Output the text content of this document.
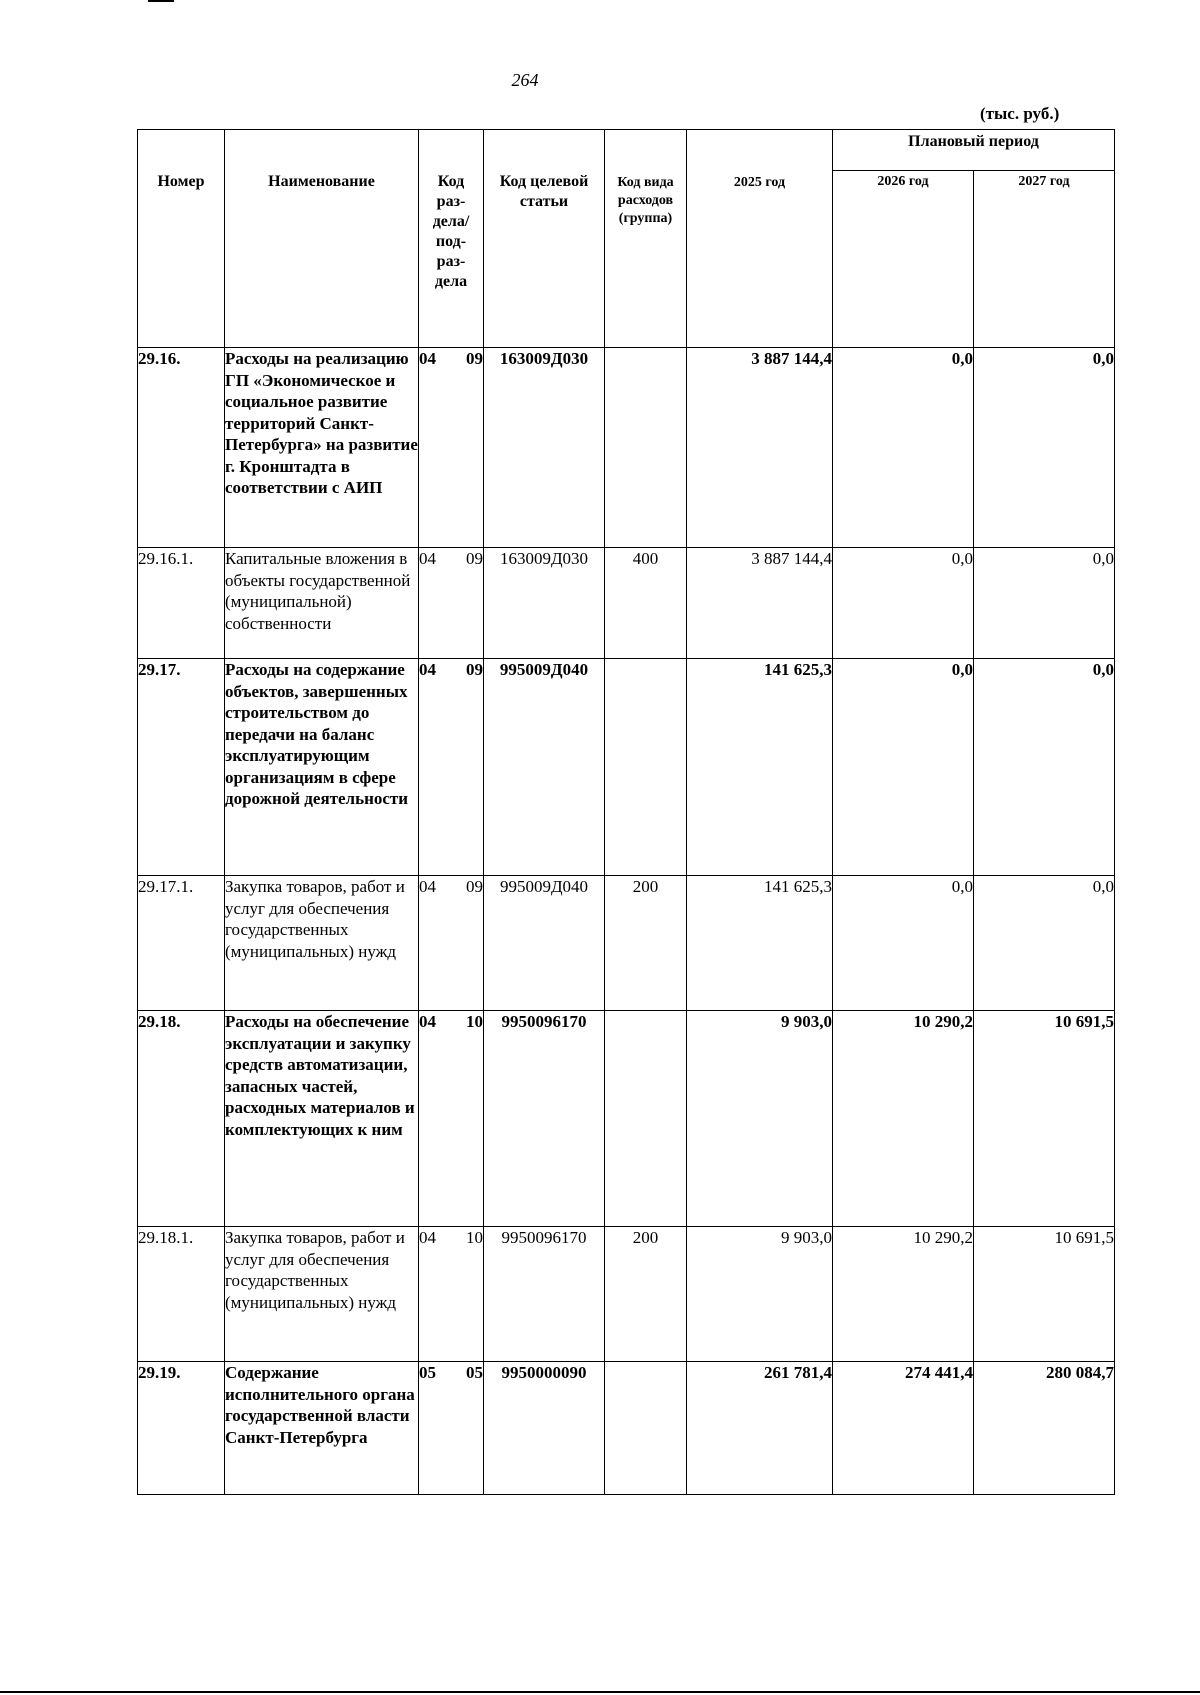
264
(тыс. руб.)
Номер	Наименование	Код раз-дела/ под-раз-дела	Код целевой статьи	Код вида расходов (группа)	2025 год	Плановый период	
						2026 год	2027 год
29.16.	Расходы на реализацию ГП «Экономическое и социальное развитие территорий Санкт-Петербурга» на развитие г. Кронштадта в соответствии с АИП	04 09	163009Д030		3 887 144,4	0,0	0,0
29.16.1.	Капитальные вложения в объекты государственной (муниципальной) собственности	04 09	163009Д030	400	3 887 144,4	0,0	0,0
29.17.	Расходы на содержание объектов, завершенных строительством до передачи на баланс эксплуатирующим организациям в сфере дорожной деятельности	04 09	995009Д040		141 625,3	0,0	0,0
29.17.1.	Закупка товаров, работ и услуг для обеспечения государственных (муниципальных) нужд	04 09	995009Д040	200	141 625,3	0,0	0,0
29.18.	Расходы на обеспечение эксплуатации и закупку средств автоматизации, запасных частей, расходных материалов и комплектующих к ним	04 10	9950096170		9 903,0	10 290,2	10 691,5
29.18.1.	Закупка товаров, работ и услуг для обеспечения государственных (муниципальных) нужд	04 10	9950096170	200	9 903,0	10 290,2	10 691,5
29.19.	Содержание исполнительного органа государственной власти Санкт-Петербурга	05 05	9950000090		261 781,4	274 441,4	280 084,7
